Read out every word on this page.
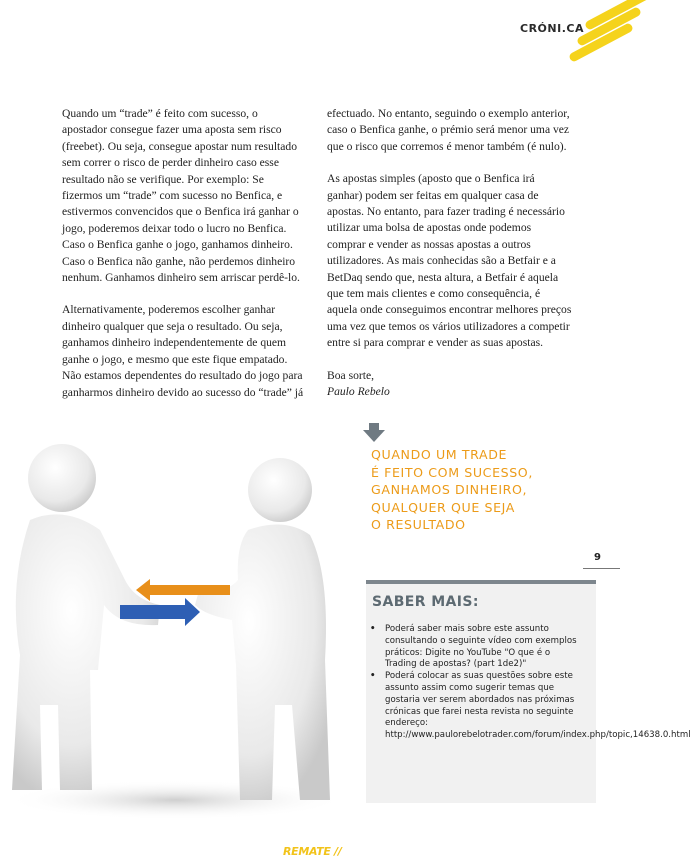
CRÓNI.CA

Quando um “trade” é feito com sucesso, o apostador consegue fazer uma aposta sem risco (freebet). Ou seja, consegue apostar num resultado sem correr o risco de perder dinheiro caso esse resultado não se verifique. Por exemplo: Se fizermos um “trade” com sucesso no Benfica, e estivermos convencidos que o Benfica irá ganhar o jogo, poderemos deixar todo o lucro no Benfica. Caso o Benfica ganhe o jogo, ganhamos dinheiro. Caso o Benfica não ganhe, não perdemos dinheiro nenhum. Ganhamos dinheiro sem arriscar perdê-lo.

Alternativamente, poderemos escolher ganhar dinheiro qualquer que seja o resultado. Ou seja, ganhamos dinheiro independentemente de quem ganhe o jogo, e mesmo que este fique empatado. Não estamos dependentes do resultado do jogo para ganharmos dinheiro devido ao sucesso do “trade” já

efectuado. No entanto, seguindo o exemplo anterior, caso o Benfica ganhe, o prémio será menor uma vez que o risco que corremos é menor também (é nulo).

As apostas simples (aposto que o Benfica irá ganhar) podem ser feitas em qualquer casa de apostas. No entanto, para fazer trading é necessário utilizar uma bolsa de apostas onde podemos comprar e vender as nossas apostas a outros utilizadores. As mais conhecidas são a Betfair e a BetDaq sendo que, nesta altura, a Betfair é aquela que tem mais clientes e como consequência, é aquela onde conseguimos encontrar melhores preços uma vez que temos os vários utilizadores a competir entre si para comprar e vender as suas apostas.

Boa sorte,
Paulo Rebelo
QUANDO UM TRADE
É FEITO COM SUCESSO,
GANHAMOS DINHEIRO,
QUALQUER QUE SEJA
O RESULTADO
9
SABER MAIS:
• Poderá saber mais sobre este assunto consultando o seguinte vídeo com exemplos práticos: Digite no YouTube "O que é o Trading de apostas? (part 1de2)"
• Poderá colocar as suas questões sobre este assunto assim como sugerir temas que gostaria ver serem abordados nas próximas crónicas que farei nesta revista no seguinte endereço: http://www.paulorebelotrader.com/forum/index.php/topic,14638.0.html
REMATE //
